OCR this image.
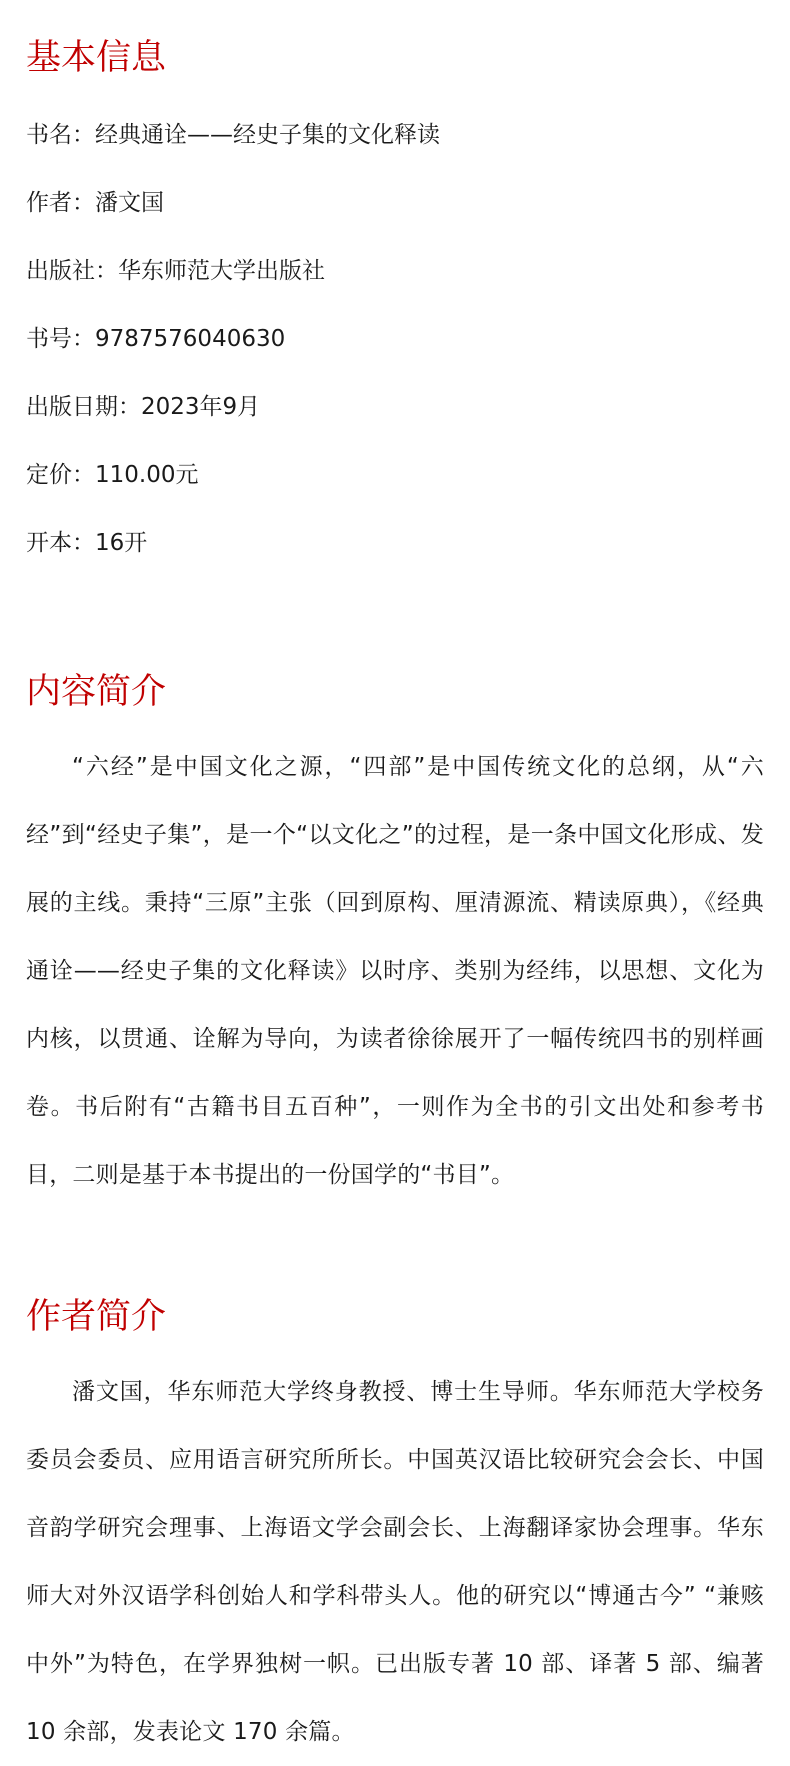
基本信息
书名：经典通诠——经史子集的文化释读
作者：潘文国
出版社：华东师范大学出版社
书号：9787576040630
出版日期：2023年9月
定价：110.00元
开本：16开
内容简介

“六经”是中国文化之源，“四部”是中国传统文化的总纲，从“六经”到“经史子集”，是一个“以文化之”的过程，是一条中国文化形成、发展的主线。秉持“三原”主张（回到原构、厘清源流、精读原典），《经典通诠——经史子集的文化释读》以时序、类别为经纬，以思想、文化为内核，以贯通、诠解为导向，为读者徐徐展开了一幅传统四书的别样画卷。书后附有“古籍书目五百种”，一则作为全书的引文出处和参考书目，二则是基于本书提出的一份国学的“书目”。

作者简介

潘文国，华东师范大学终身教授、博士生导师。华东师范大学校务委员会委员、应用语言研究所所长。中国英汉语比较研究会会长、中国音韵学研究会理事、上海语文学会副会长、上海翻译家协会理事。华东师大对外汉语学科创始人和学科带头人。他的研究以“博通古今” “兼赅中外”为特色，在学界独树一帜。已出版专著 10 部、译著 5 部、编著 10 余部，发表论文 170 余篇。
